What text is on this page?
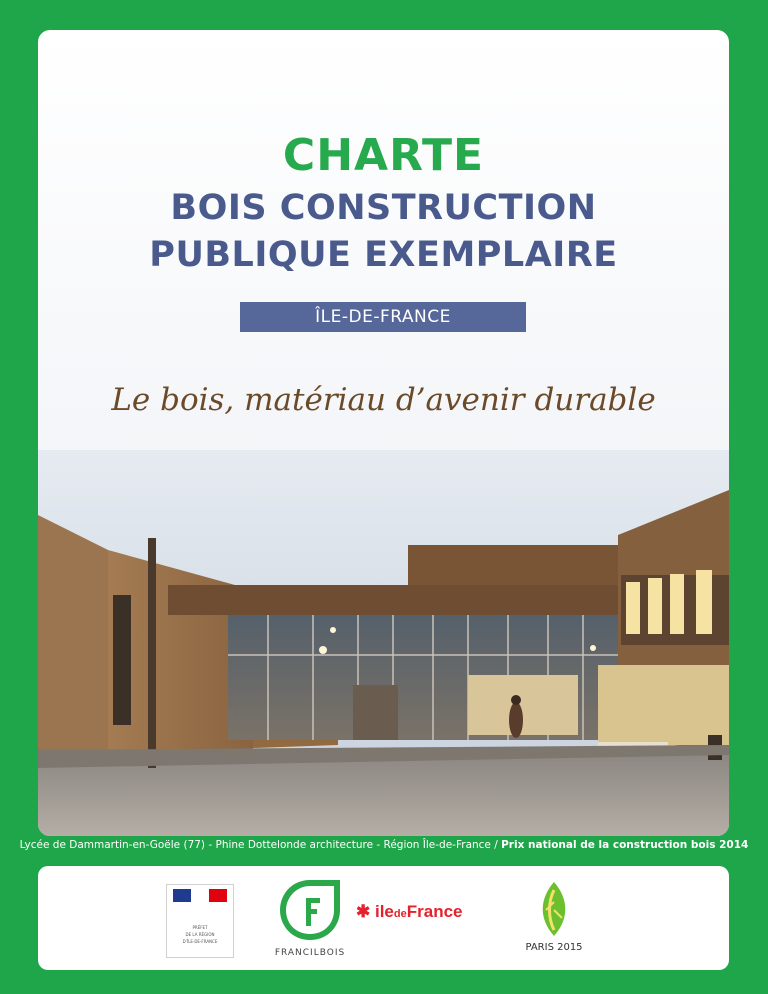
CHARTE
BOIS CONSTRUCTION
PUBLIQUE EXEMPLAIRE
ÎLE-DE-FRANCE
Le bois, matériau d’avenir durable
Lycée de Dammartin-en-Goële (77) - Phine Dottelonde architecture - Région Île-de-France / Prix national de la construction bois 2014
PRÉFET
DE LA RÉGION
D’ÎLE-DE-FRANCE
FRANCILBOIS
✱ iledeFrance
PARIS 2015
